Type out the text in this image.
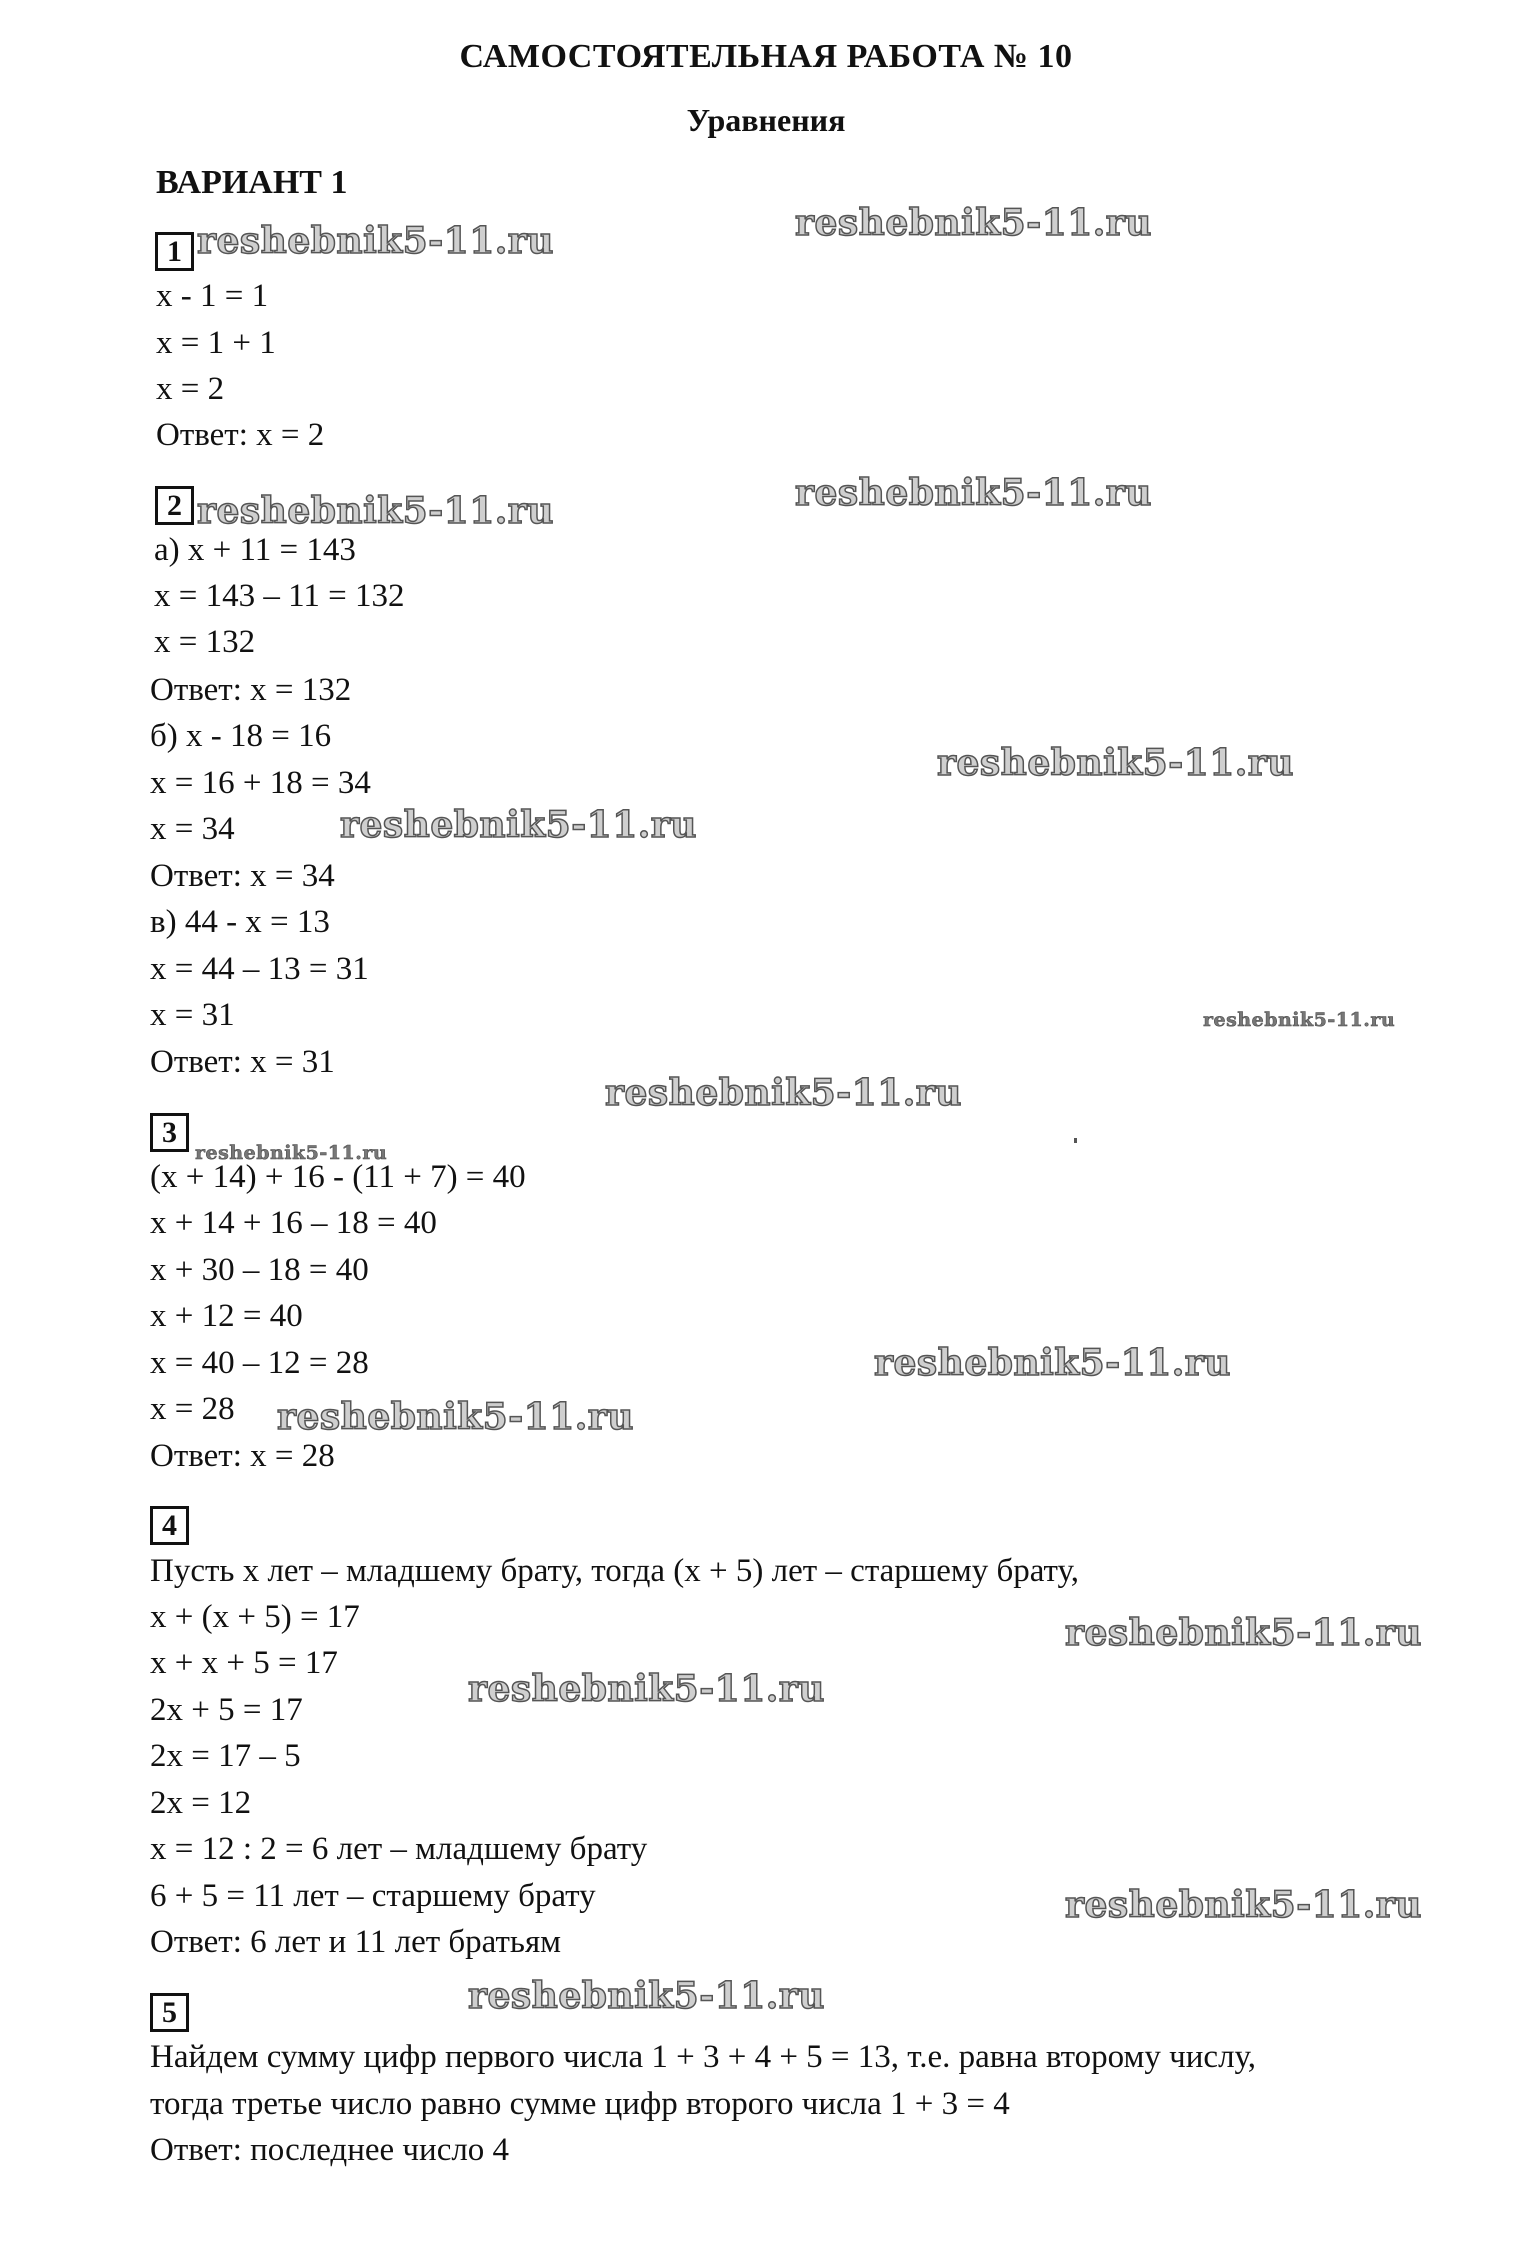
САМОСТОЯТЕЛЬНАЯ РАБОТА № 10
Уравнения
ВАРИАНТ 1
1
x - 1 = 1
x = 1 + 1
x = 2
Ответ: x = 2
2
а) x + 11 = 143
x = 143 – 11 = 132
x = 132
Ответ: x = 132
б) x - 18 = 16
x = 16 + 18 = 34
x = 34
Ответ: x = 34
в) 44 - x = 13
x = 44 – 13 = 31
x = 31
Ответ: x = 31
3
(x + 14) + 16 - (11 + 7) = 40
x + 14 + 16 – 18 = 40
x + 30 – 18 = 40
x + 12 = 40
x = 40 – 12 = 28
x = 28
Ответ: x = 28
4
Пусть x лет – младшему брату, тогда (x + 5) лет – старшему брату,
x + (x + 5) = 17
x + x + 5 = 17
2x + 5 = 17
2x = 17 – 5
2x = 12
x = 12 : 2 = 6 лет – младшему брату
6 + 5 = 11 лет – старшему брату
Ответ: 6 лет и 11 лет братьям
5
Найдем сумму цифр первого числа 1 + 3 + 4 + 5 = 13, т.е. равна второму числу,
тогда третье число равно сумме цифр второго числа 1 + 3 = 4
Ответ: последнее число 4
reshebnik5-11.ru	reshebnik5-11.ru
reshebnik5-11.ru	reshebnik5-11.ru
reshebnik5-11.ru
reshebnik5-11.ru
reshebnik5-11.ru
reshebnik5-11.ru
reshebnik5-11.ru
reshebnik5-11.ru
reshebnik5-11.ru
reshebnik5-11.ru
reshebnik5-11.ru
reshebnik5-11.ru
reshebnik5-11.ru
